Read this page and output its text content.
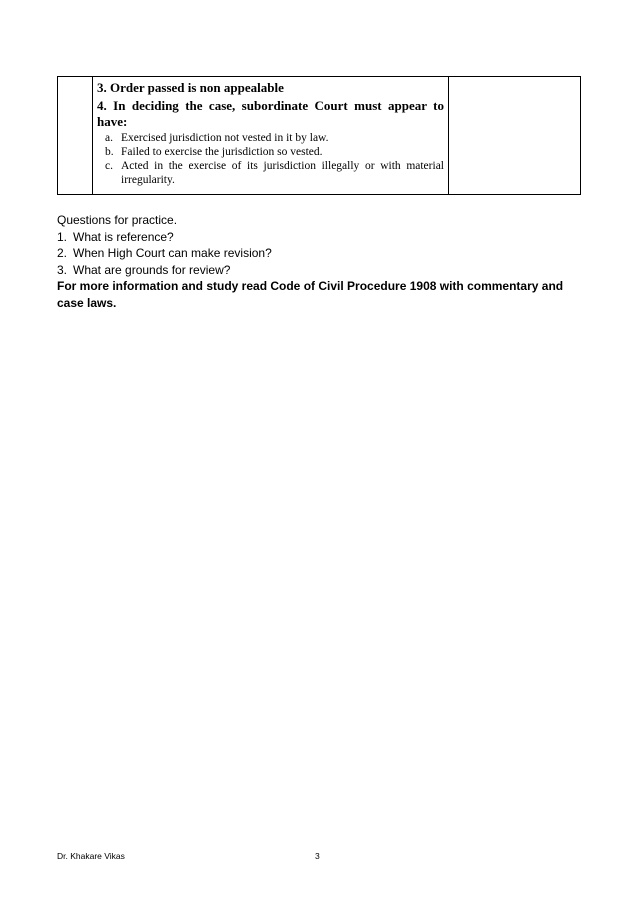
3. Order passed is non appealable
4. In deciding the case, subordinate Court must appear to have:
a. Exercised jurisdiction not vested in it by law.
b. Failed to exercise the jurisdiction so vested.
c. Acted in the exercise of its jurisdiction illegally or with material irregularity.

Questions for practice.
1. What is reference?
2. When High Court can make revision?
3. What are grounds for review?
For more information and study read Code of Civil Procedure 1908 with commentary and case laws.
Dr. Khakare Vikas	3
